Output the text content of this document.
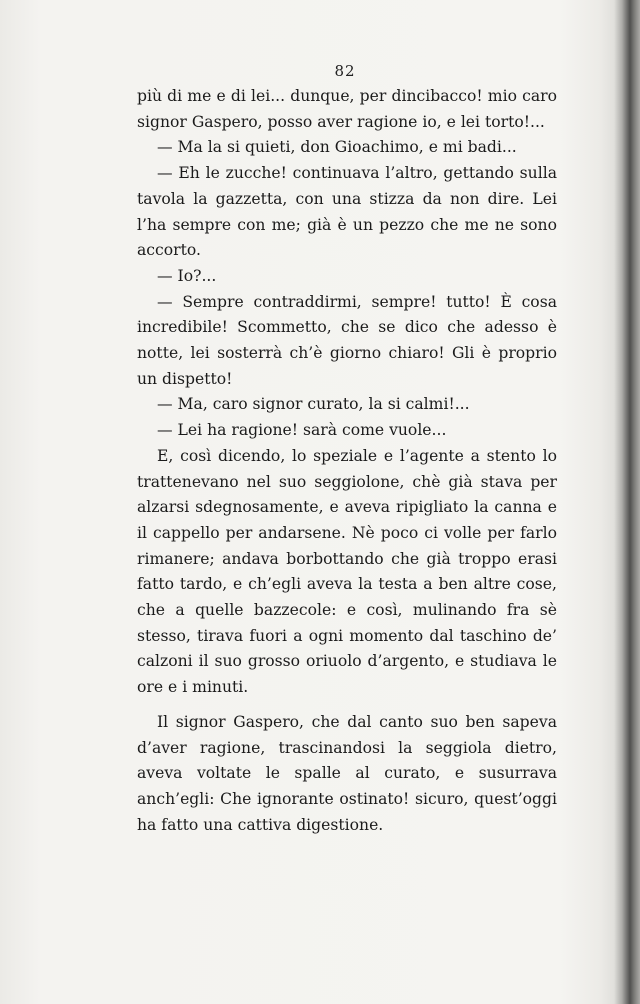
82

più di me e di lei... dunque, per dincibacco! mio caro signor Gaspero, posso aver ragione io, e lei torto!...

— Ma la si quieti, don Gioachimo, e mi badi...

— Eh le zucche! continuava l’altro, gettando sulla tavola la gazzetta, con una stizza da non dire. Lei l’ha sempre con me; già è un pezzo che me ne sono accorto.

— Io?...

— Sempre contraddirmi, sempre! tutto! È cosa incredibile! Scommetto, che se dico che adesso è notte, lei sosterrà ch’è giorno chiaro! Gli è proprio un dispetto!

— Ma, caro signor curato, la si calmi!...

— Lei ha ragione! sarà come vuole...

E, così dicendo, lo speziale e l’agente a stento lo trattenevano nel suo seggiolone, chè già stava per alzarsi sdegnosamente, e aveva ripigliato la canna e il cappello per andarsene. Nè poco ci volle per farlo rimanere; andava borbottando che già troppo erasi fatto tardo, e ch’egli aveva la testa a ben altre cose, che a quelle bazzecole: e così, mulinando fra sè stesso, tirava fuori a ogni momento dal taschino de’ calzoni il suo grosso oriuolo d’argento, e studiava le ore e i minuti.

Il signor Gaspero, che dal canto suo ben sapeva d’aver ragione, trascinandosi la seggiola dietro, aveva voltate le spalle al curato, e susurrava anch’egli: Che ignorante ostinato! sicuro, quest’oggi ha fatto una cattiva digestione.
